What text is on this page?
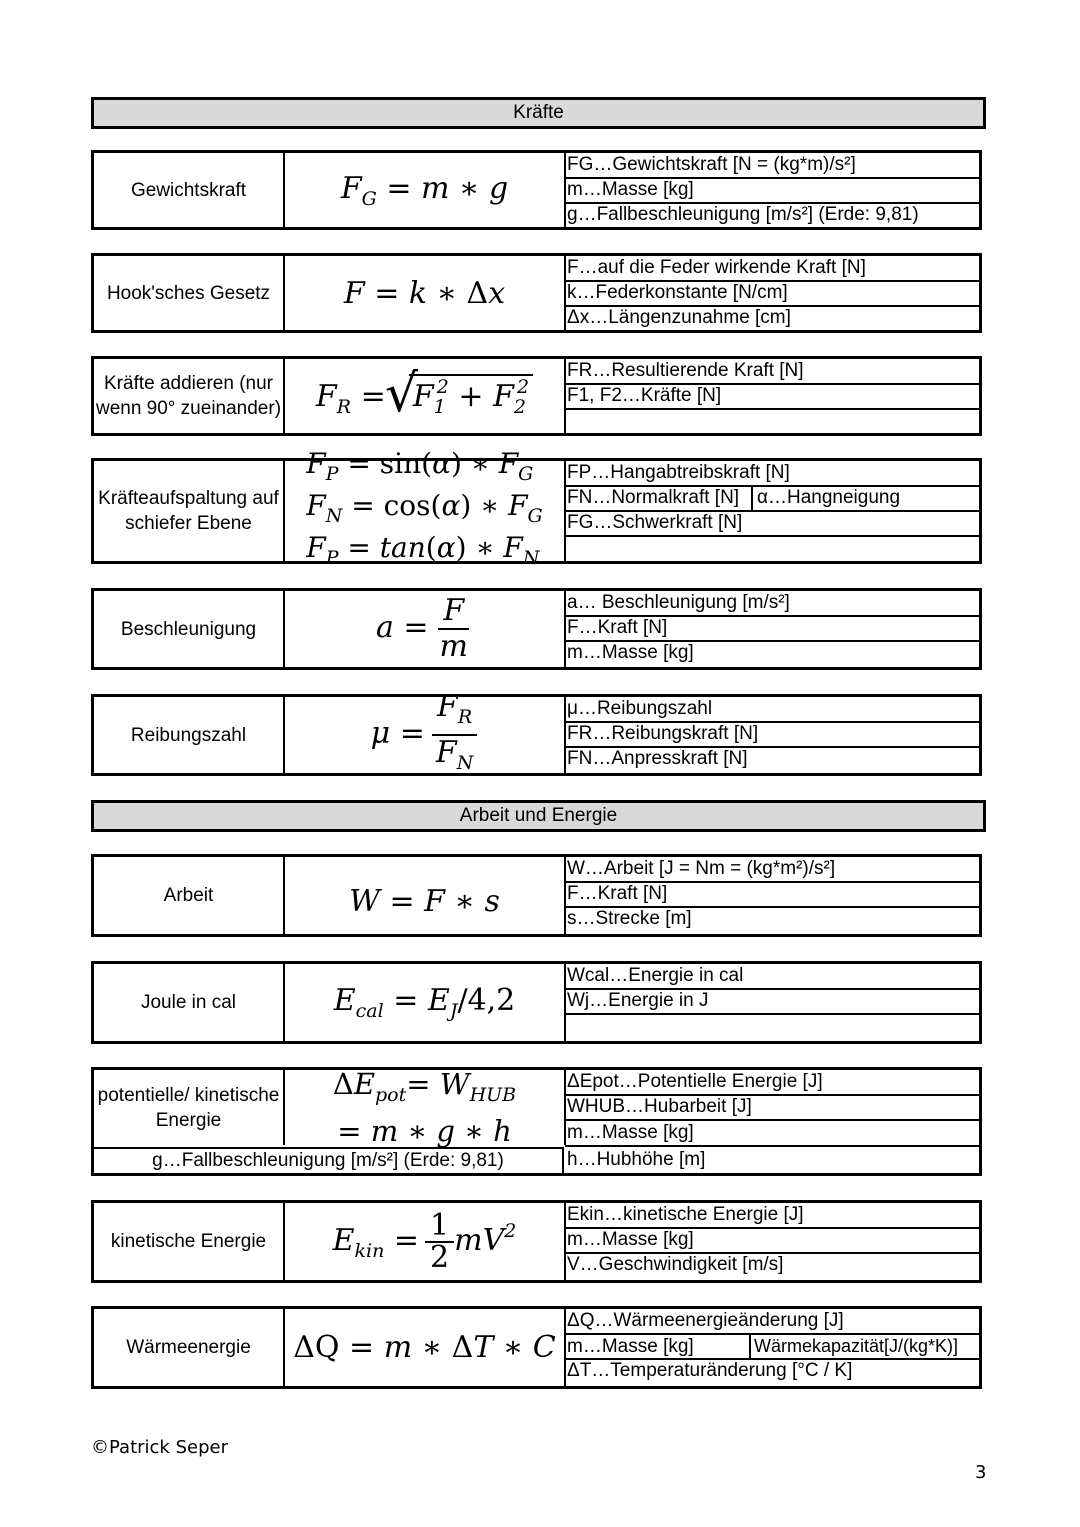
Kräfte
Gewichtskraft	$F_G = m$ ∗ g
FG…Gewichtskraft [N = (kg*m)/s²]
m…Masse [kg]
g…Fallbeschleunigung [m/s²] (Erde: 9,81)
Hook'sches Gesetz	F = k ∗ Δx
F…auf die Feder wirkende Kraft [N]
k…Federkonstante [N/cm]
Δx…Längenzunahme [cm]
Kräfte addieren (nur wenn 90° zueinander) $F_R$ =  √ $F_1^2 + F_2^2$
FR…Resultierende Kraft [N]
F1, F2…Kräfte [N]
Kräfteaufspaltung auf schiefer Ebene
$F_P = \sin(\alpha)$ ∗ $F_G$
$F_N = \cos(\alpha)$ ∗ $F_G$
$F_P = \tan(\alpha)$ ∗ $F_N$
FP…Hangabtreibskraft [N]
FN…Normalkraft [N] α…Hangneigung
FG…Schwerkraft [N]
Beschleunigung	$a = \frac{F}{m}$	a… Beschleunigung [m/s²]
F…Kraft [N]
m…Masse [kg]
Reibungszahl	$\mu = \frac{F_R}{F_N}$	μ…Reibungszahl
FR…Reibungskraft [N]
FN…Anpresskraft [N]
Arbeit und Energie
Arbeit	W = F ∗ s
W…Arbeit [J = Nm = (kg*m²)/s²]
F…Kraft [N]
s…Strecke [m]
Joule in cal	$E_{cal} = E_J/4,2$
Wcal…Energie in cal
Wj…Energie in J
potentielle/ kinetische Energie
$\Delta E_{pot}= W_{HUB}$
= m ∗ g ∗ h
g…Fallbeschleunigung [m/s²] (Erde: 9,81)
ΔEpot…Potentielle Energie [J]
WHUB…Hubarbeit [J]
m…Masse [kg]
h…Hubhöhe [m]
kinetische Energie	$E_{kin} = \frac{1}{2} mV^2$
Ekin…kinetische Energie [J]
m…Masse [kg]
V…Geschwindigkeit [m/s]
Wärmeenergie	ΔQ = m ∗ ΔT ∗ C
ΔQ…Wärmeenergieänderung [J]
m…Masse [kg]	Wärmekapazität[J/(kg*K)]
ΔT…Temperaturänderung [°C / K]
©Patrick Seper
3
